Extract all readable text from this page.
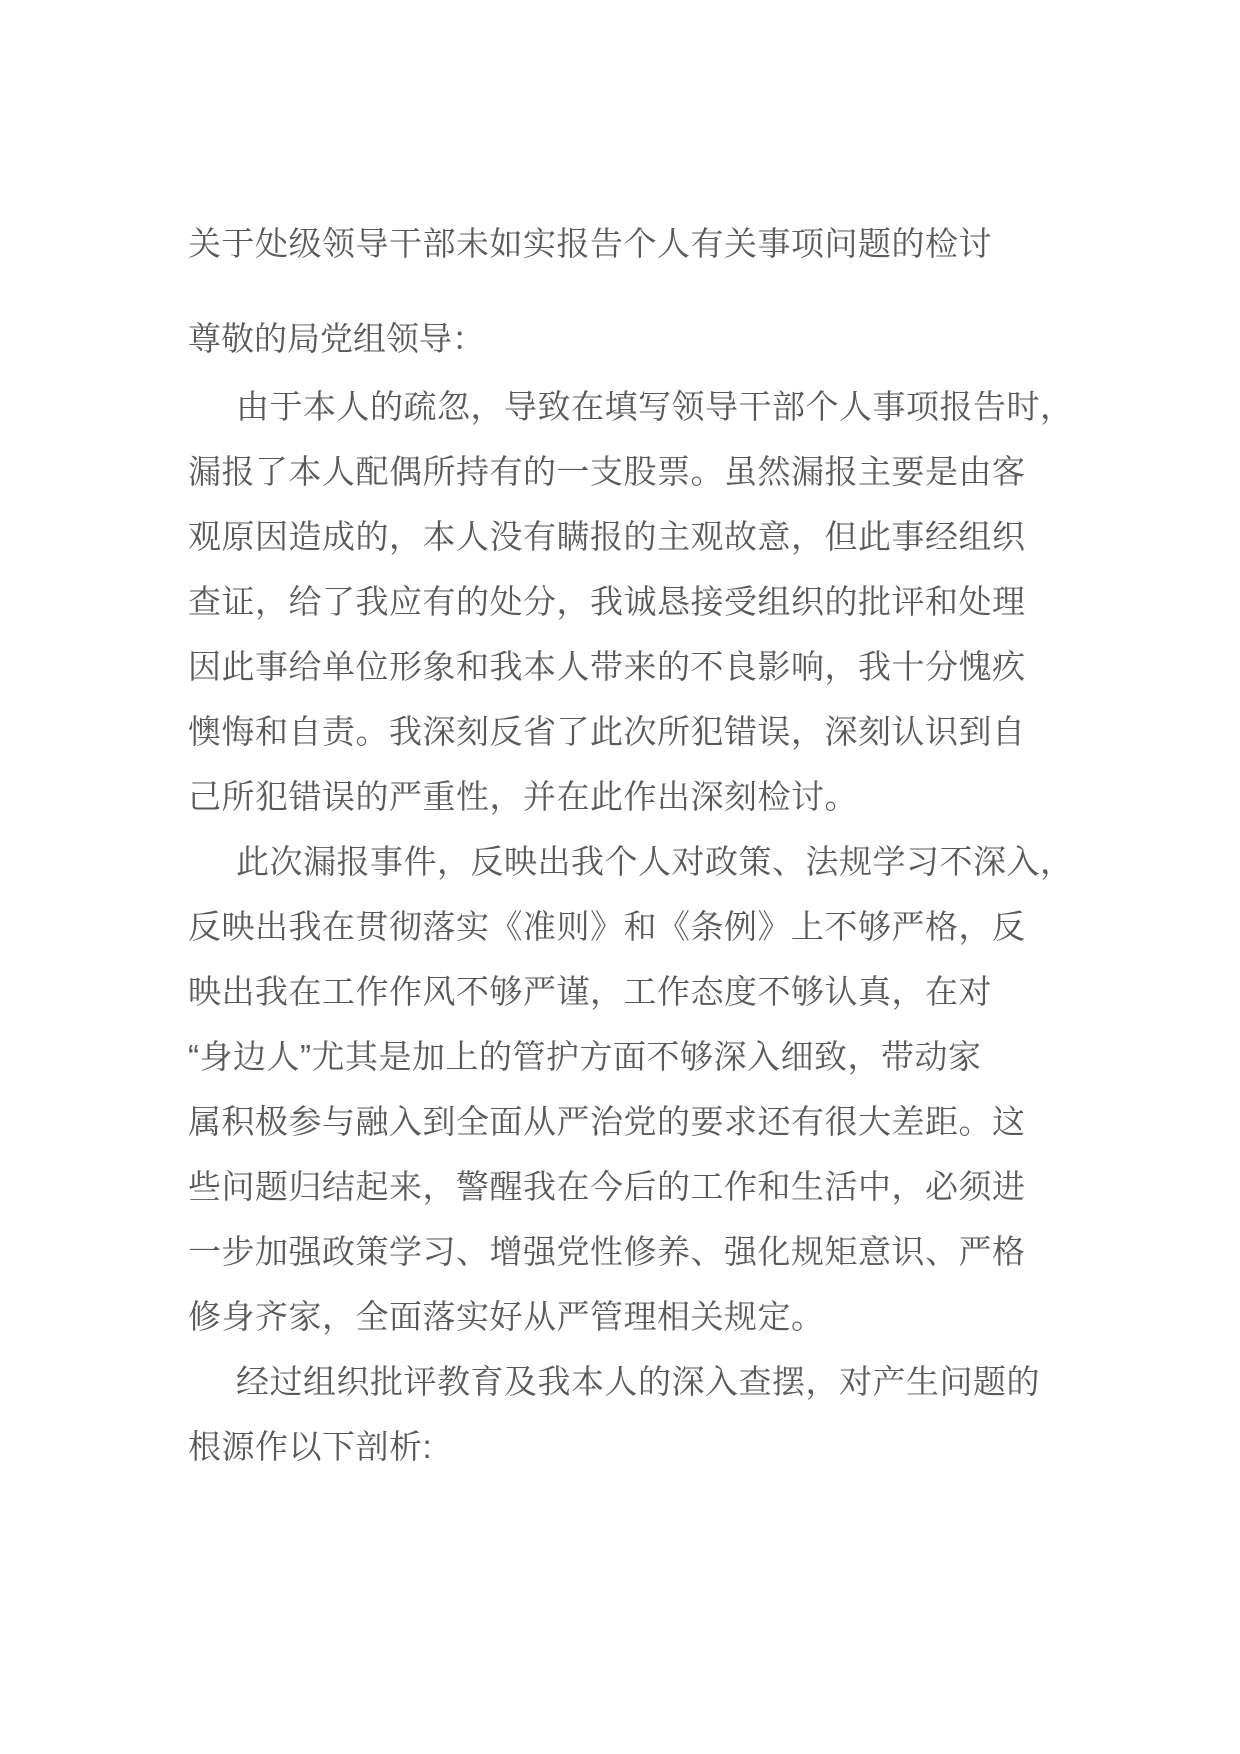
关于处级领导干部未如实报告个人有关事项问题的检讨
尊敬的局党组领导：
由于本人的疏忽，导致在填写领导干部个人事项报告时，
漏报了本人配偶所持有的一支股票。虽然漏报主要是由客
观原因造成的，本人没有瞒报的主观故意，但此事经组织
查证，给了我应有的处分，我诚恳接受组织的批评和处理
因此事给单位形象和我本人带来的不良影响，我十分愧疚
懊悔和自责。我深刻反省了此次所犯错误，深刻认识到自
己所犯错误的严重性，并在此作出深刻检讨。
此次漏报事件，反映出我个人对政策、法规学习不深入，
反映出我在贯彻落实《准则》和《条例》上不够严格，反
映出我在工作作风不够严谨，工作态度不够认真，在对
“身边人”尤其是加上的管护方面不够深入细致，带动家
属积极参与融入到全面从严治党的要求还有很大差距。这
些问题归结起来，警醒我在今后的工作和生活中，必须进
一步加强政策学习、增强党性修养、强化规矩意识、严格
修身齐家，全面落实好从严管理相关规定。
经过组织批评教育及我本人的深入查摆，对产生问题的
根源作以下剖析:
